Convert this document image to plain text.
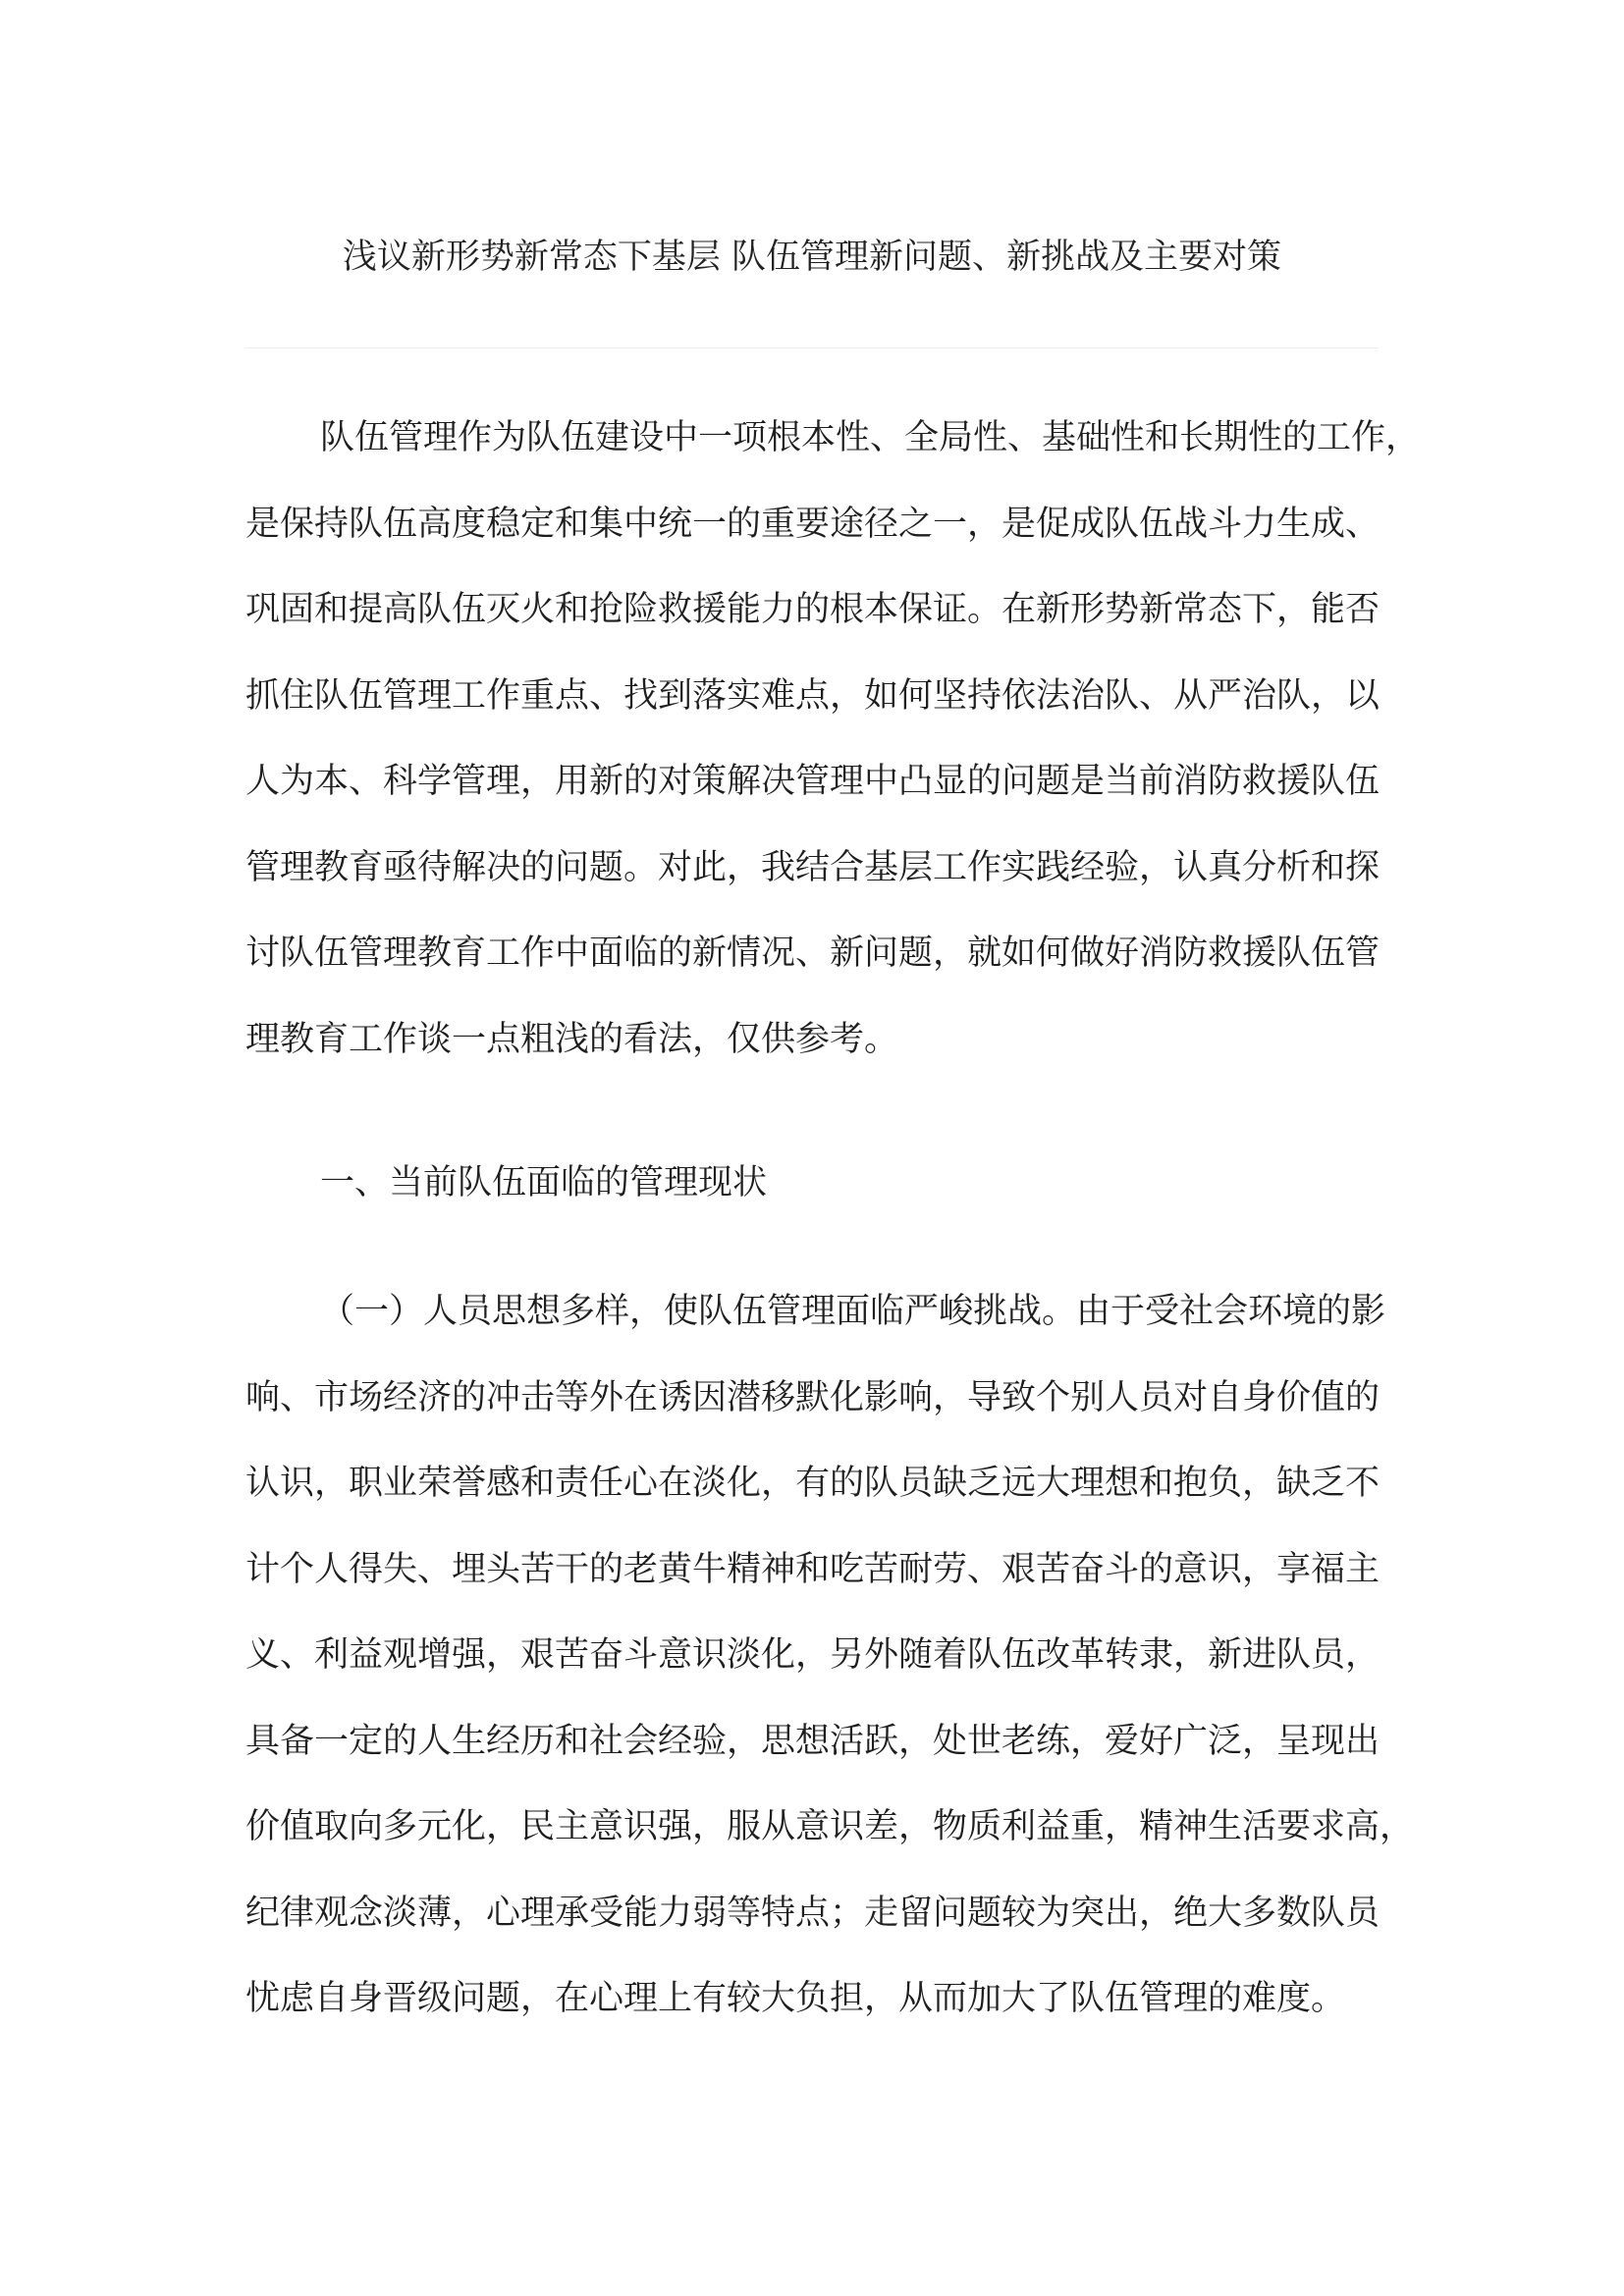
浅议新形势新常态下基层 队伍管理新问题、新挑战及主要对策
队伍管理作为队伍建设中一项根本性、全局性、基础性和长期性的工作，
是保持队伍高度稳定和集中统一的重要途径之一，是促成队伍战斗力生成、
巩固和提高队伍灭火和抢险救援能力的根本保证。在新形势新常态下，能否
抓住队伍管理工作重点、找到落实难点，如何坚持依法治队、从严治队，以
人为本、科学管理，用新的对策解决管理中凸显的问题是当前消防救援队伍
管理教育亟待解决的问题。对此，我结合基层工作实践经验，认真分析和探
讨队伍管理教育工作中面临的新情况、新问题，就如何做好消防救援队伍管
理教育工作谈一点粗浅的看法，仅供参考。
一、当前队伍面临的管理现状
（一）人员思想多样，使队伍管理面临严峻挑战。由于受社会环境的影
响、市场经济的冲击等外在诱因潜移默化影响，导致个别人员对自身价值的
认识，职业荣誉感和责任心在淡化，有的队员缺乏远大理想和抱负，缺乏不
计个人得失、埋头苦干的老黄牛精神和吃苦耐劳、艰苦奋斗的意识，享福主
义、利益观增强，艰苦奋斗意识淡化，另外随着队伍改革转隶，新进队员，
具备一定的人生经历和社会经验，思想活跃，处世老练，爱好广泛，呈现出
价值取向多元化，民主意识强，服从意识差，物质利益重，精神生活要求高，
纪律观念淡薄，心理承受能力弱等特点；走留问题较为突出，绝大多数队员
忧虑自身晋级问题，在心理上有较大负担，从而加大了队伍管理的难度。
